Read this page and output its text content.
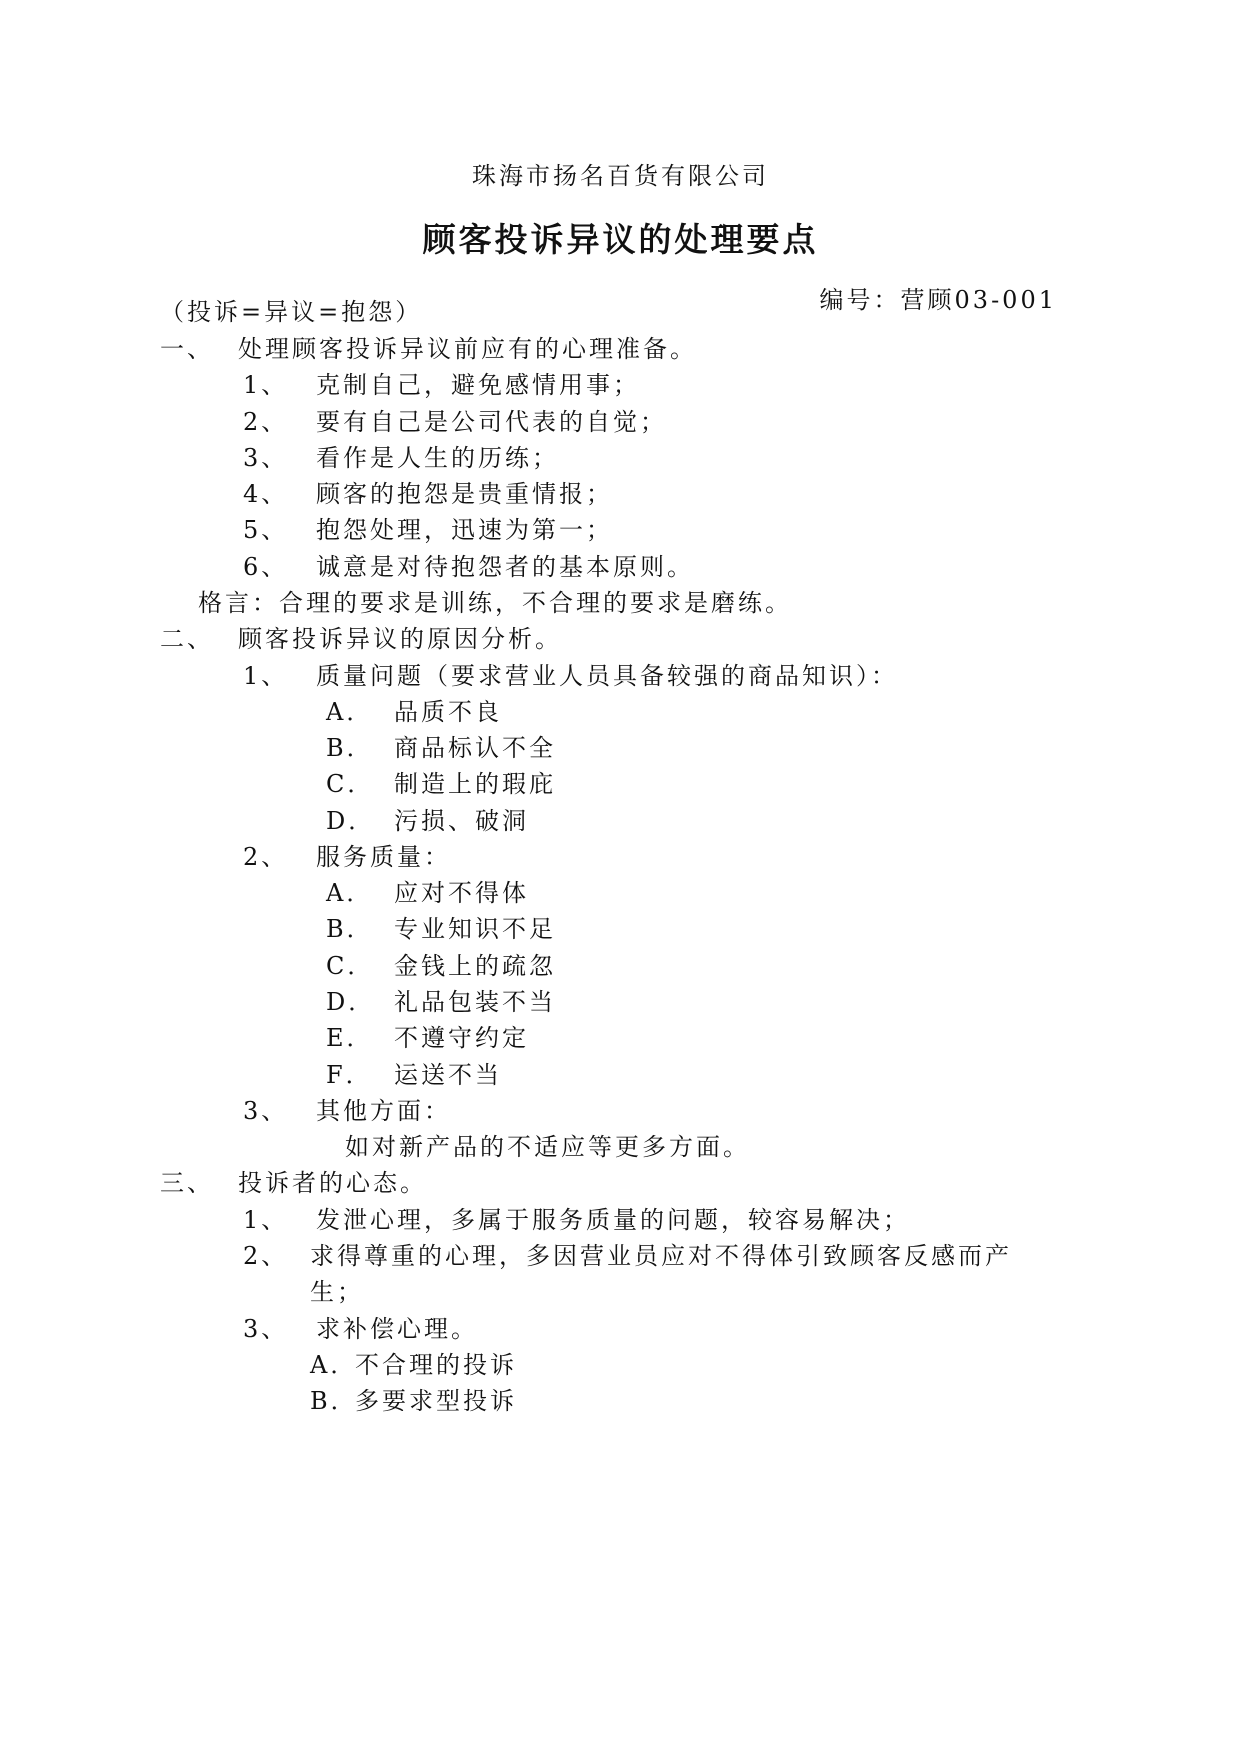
珠海市扬名百货有限公司
顾客投诉异议的处理要点
编号：营顾03-001
（投诉=异议=抱怨）
一、 处理顾客投诉异议前应有的心理准备。
1、 克制自己，避免感情用事；
2、 要有自己是公司代表的自觉；
3、 看作是人生的历练；
4、 顾客的抱怨是贵重情报；
5、 抱怨处理，迅速为第一；
6、 诚意是对待抱怨者的基本原则。
格言：合理的要求是训练，不合理的要求是磨练。
二、 顾客投诉异议的原因分析。
1、 质量问题（要求营业人员具备较强的商品知识）：
A． 品质不良
B． 商品标认不全
C． 制造上的瑕庇
D． 污损、破洞
2、 服务质量：
A． 应对不得体
B． 专业知识不足
C． 金钱上的疏忽
D． 礼品包装不当
E． 不遵守约定
F． 运送不当
3、 其他方面：
如对新产品的不适应等更多方面。
三、 投诉者的心态。
1、 发泄心理，多属于服务质量的问题，较容易解决；
2、 求得尊重的心理，多因营业员应对不得体引致顾客反感而产
生；
3、 求补偿心理。
A．
不合理的投诉
B．
多要求型投诉
